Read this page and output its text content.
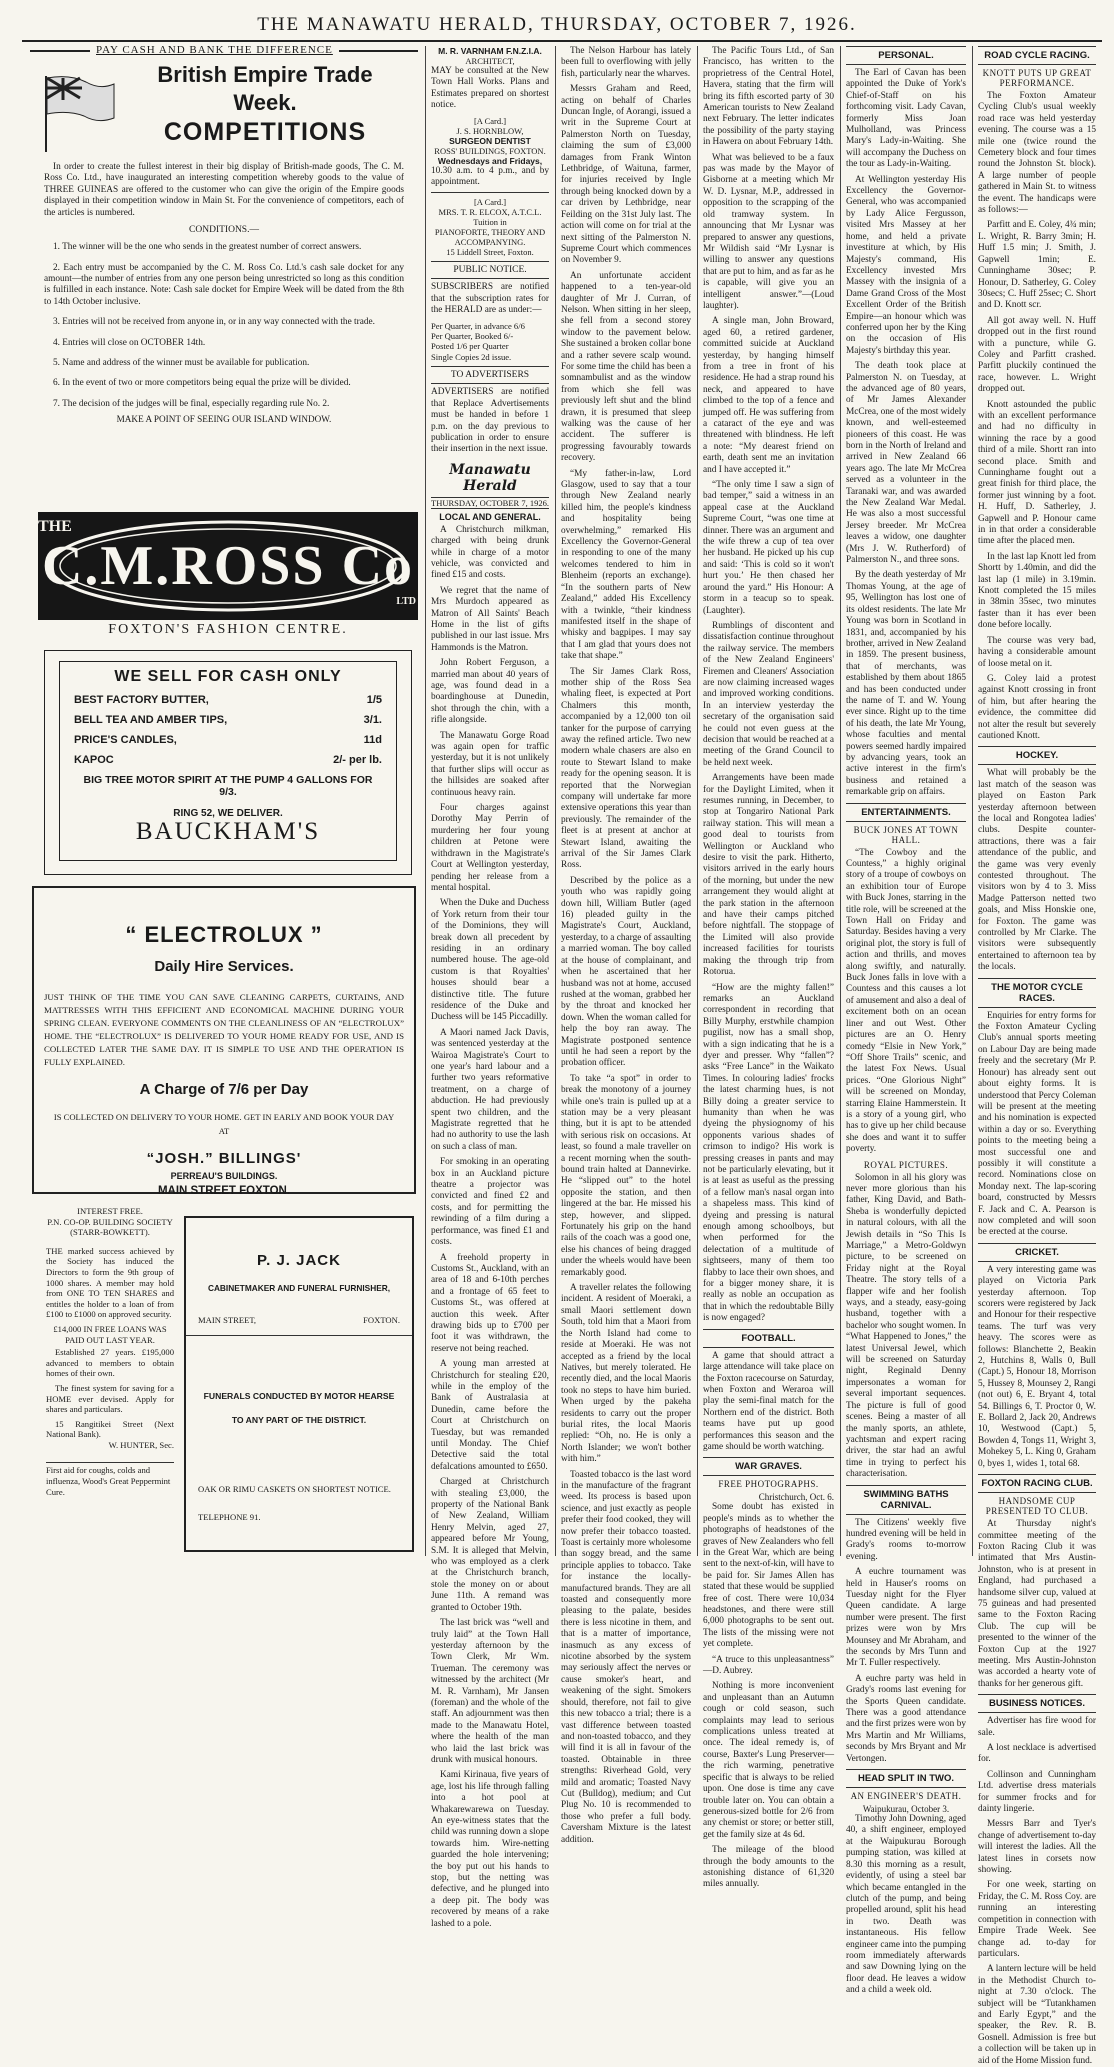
THE MANAWATU HERALD, THURSDAY, OCTOBER 7, 1926.
PAY CASH AND BANK THE DIFFERENCE
British Empire Trade
Week.
COMPETITIONS

In order to create the fullest interest in their big display of British-made goods, The C. M. Ross Co. Ltd., have inaugurated an interesting competition whereby goods to the value of THREE GUINEAS are offered to the customer who can give the origin of the Empire goods displayed in their competition window in Main St. For the convenience of competitors, each of the articles is numbered.

CONDITIONS.—

1. The winner will be the one who sends in the greatest number of correct answers.

2. Each entry must be accompanied by the C. M. Ross Co. Ltd.'s cash sale docket for any amount—the number of entries from any one person being unrestricted so long as this condition is fulfilled in each instance. Note: Cash sale docket for Empire Week will be dated from the 8th to 14th October inclusive.

3. Entries will not be received from anyone in, or in any way connected with the trade.

4. Entries will close on OCTOBER 14th.

5. Name and address of the winner must be available for publication.

6. In the event of two or more competitors being equal the prize will be divided.

7. The decision of the judges will be final, especially regarding rule No. 2.

MAKE A POINT OF SEEING OUR ISLAND WINDOW.

THE
C.M.ROSS Co
LTD
FOXTON'S FASHION CENTRE.
WE SELL FOR CASH ONLY
BEST FACTORY BUTTER,	1/5
BELL TEA AND AMBER TIPS,	3/1.
PRICE'S CANDLES,	11d
KAPOC	2/- per lb.
BIG TREE MOTOR SPIRIT AT THE PUMP 4 GALLONS FOR 9/3.
RING 52, WE DELIVER.
BAUCKHAM'S
“ ELECTROLUX ”
Daily Hire Services.
JUST THINK OF THE TIME YOU CAN SAVE CLEANING CARPETS, CURTAINS, AND MATTRESSES WITH THIS EFFICIENT AND ECONOMICAL MACHINE DURING YOUR SPRING CLEAN. EVERYONE COMMENTS ON THE CLEANLINESS OF AN “ELECTROLUX” HOME. THE “ELECTROLUX” IS DELIVERED TO YOUR HOME READY FOR USE, AND IS COLLECTED LATER THE SAME DAY. IT IS SIMPLE TO USE AND THE OPERATION IS FULLY EXPLAINED.
A Charge of 7/6 per Day
IS COLLECTED ON DELIVERY TO YOUR HOME. GET IN EARLY AND BOOK YOUR DAY AT
“JOSH.” BILLINGS'
PERREAU'S BUILDINGS.
MAIN STREET FOXTON.
INTEREST FREE.
P.N. CO-OP. BUILDING SOCIETY
(STARR-BOWKETT).

THE marked success achieved by the Society has induced the Directors to form the 9th group of 1000 shares. A member may hold from ONE TO TEN SHARES and entitles the holder to a loan of from £100 to £1000 on approved security.

£14,000 IN FREE LOANS WAS PAID OUT LAST YEAR.

Established 27 years. £195,000 advanced to members to obtain homes of their own.

The finest system for saving for a HOME ever devised. Apply for shares and particulars.

15 Rangitikei Street (Next National Bank).

W. HUNTER, Sec.
First aid for coughs, colds and influenza, Wood's Great Peppermint Cure.
P. J. JACK
CABINETMAKER AND FUNERAL FURNISHER,
MAIN STREET,	FOXTON.
FUNERALS CONDUCTED BY MOTOR HEARSE TO ANY PART OF THE DISTRICT.
OAK OR RIMU CASKETS ON SHORTEST NOTICE.
TELEPHONE 91.
M. R. VARNHAM F.N.Z.I.A.
ARCHITECT,

MAY be consulted at the New Town Hall Works. Plans and Estimates prepared on shortest notice.

[A Card.]
J. S. HORNBLOW,
SURGEON DENTIST
ROSS' BUILDINGS, FOXTON.
Wednesdays and Fridays,

10.30 a.m. to 4 p.m., and by appointment.

[A Card.]
MRS. T. R. ELCOX, A.T.C.L.
Tuition in
PIANOFORTE, THEORY AND ACCOMPANYING.
15 Liddell Street, Foxton.
PUBLIC NOTICE.

SUBSCRIBERS are notified that the subscription rates for the HERALD are as under:—

Per Quarter, in advance 6/6
Per Quarter, Booked 6/-
Posted 1/6 per Quarter
Single Copies 2d issue.
TO ADVERTISERS

ADVERTISERS are notified that Replace Advertisements must be handed in before 1 p.m. on the day previous to publication in order to ensure their insertion in the next issue.

Manawatu Herald
THURSDAY, OCTOBER 7, 1926.
LOCAL AND GENERAL.

A Christchurch milkman, charged with being drunk while in charge of a motor vehicle, was convicted and fined £15 and costs.

We regret that the name of Mrs Murdoch appeared as Matron of All Saints' Beach Home in the list of gifts published in our last issue. Mrs Hammonds is the Matron.

John Robert Ferguson, a married man about 40 years of age, was found dead in a boardinghouse at Dunedin, shot through the chin, with a rifle alongside.

The Manawatu Gorge Road was again open for traffic yesterday, but it is not unlikely that further slips will occur as the hillsides are soaked after continuous heavy rain.

Four charges against Dorothy May Perrin of murdering her four young children at Petone were withdrawn in the Magistrate's Court at Wellington yesterday, pending her release from a mental hospital.

When the Duke and Duchess of York return from their tour of the Dominions, they will break down all precedent by residing in an ordinary numbered house. The age-old custom is that Royalties' houses should bear a distinctive title. The future residence of the Duke and Duchess will be 145 Piccadilly.

A Maori named Jack Davis, was sentenced yesterday at the Wairoa Magistrate's Court to one year's hard labour and a further two years reformative treatment, on a charge of abduction. He had previously spent two children, and the Magistrate regretted that he had no authority to use the lash on such a class of man.

For smoking in an operating box in an Auckland picture theatre a projector was convicted and fined £2 and costs, and for permitting the rewinding of a film during a performance, was fined £1 and costs.

A freehold property in Customs St., Auckland, with an area of 18 and 6-10th perches and a frontage of 65 feet to Customs St., was offered at auction this week. After drawing bids up to £700 per foot it was withdrawn, the reserve not being reached.

A young man arrested at Christchurch for stealing £20, while in the employ of the Bank of Australasia at Dunedin, came before the Court at Christchurch on Tuesday, but was remanded until Monday. The Chief Detective said the total defalcations amounted to £650.

Charged at Christchurch with stealing £3,000, the property of the National Bank of New Zealand, William Henry Melvin, aged 27, appeared before Mr Young, S.M. It is alleged that Melvin, who was employed as a clerk at the Christchurch branch, stole the money on or about June 11th. A remand was granted to October 19th.

The last brick was “well and truly laid” at the Town Hall yesterday afternoon by the Town Clerk, Mr Wm. Trueman. The ceremony was witnessed by the architect (Mr M. R. Varnham), Mr Jansen (foreman) and the whole of the staff. An adjournment was then made to the Manawatu Hotel, where the health of the man who laid the last brick was drunk with musical honours.

Kami Kirinaua, five years of age, lost his life through falling into a hot pool at Whakarewarewa on Tuesday. An eye-witness states that the child was running down a slope towards him. Wire-netting guarded the hole intervening; the boy put out his hands to stop, but the netting was defective, and he plunged into a deep pit. The body was recovered by means of a rake lashed to a pole.

The Nelson Harbour has lately been full to overflowing with jelly fish, particularly near the wharves.

Messrs Graham and Reed, acting on behalf of Charles Duncan Ingle, of Aorangi, issued a writ in the Supreme Court at Palmerston North on Tuesday, claiming the sum of £3,000 damages from Frank Winton Lethbridge, of Waituna, farmer, for injuries received by Ingle through being knocked down by a car driven by Lethbridge, near Feilding on the 31st July last. The action will come on for trial at the next sitting of the Palmerston N. Supreme Court which commences on November 9.

An unfortunate accident happened to a ten-year-old daughter of Mr J. Curran, of Nelson. When sitting in her sleep, she fell from a second storey window to the pavement below. She sustained a broken collar bone and a rather severe scalp wound. For some time the child has been a somnambulist and as the window from which she fell was previously left shut and the blind drawn, it is presumed that sleep walking was the cause of her accident. The sufferer is progressing favourably towards recovery.

“My father-in-law, Lord Glasgow, used to say that a tour through New Zealand nearly killed him, the people's kindness and hospitality being overwhelming,” remarked His Excellency the Governor-General in responding to one of the many welcomes tendered to him in Blenheim (reports an exchange). “In the southern parts of New Zealand,” added His Excellency with a twinkle, “their kindness manifested itself in the shape of whisky and bagpipes. I may say that I am glad that yours does not take that shape.”

The Sir James Clark Ross, mother ship of the Ross Sea whaling fleet, is expected at Port Chalmers this month, accompanied by a 12,000 ton oil tanker for the purpose of carrying away the refined article. Two new modern whale chasers are also en route to Stewart Island to make ready for the opening season. It is reported that the Norwegian company will undertake far more extensive operations this year than previously. The remainder of the fleet is at present at anchor at Stewart Island, awaiting the arrival of the Sir James Clark Ross.

Described by the police as a youth who was rapidly going down hill, William Butler (aged 16) pleaded guilty in the Magistrate's Court, Auckland, yesterday, to a charge of assaulting a married woman. The boy called at the house of complainant, and when he ascertained that her husband was not at home, accused rushed at the woman, grabbed her by the throat and knocked her down. When the woman called for help the boy ran away. The Magistrate postponed sentence until he had seen a report by the probation officer.

To take “a spot” in order to break the monotony of a journey while one's train is pulled up at a station may be a very pleasant thing, but it is apt to be attended with serious risk on occasions. At least, so found a male traveller on a recent morning when the south-bound train halted at Dannevirke. He “slipped out” to the hotel opposite the station, and then lingered at the bar. He missed his step, however, and slipped. Fortunately his grip on the hand rails of the coach was a good one, else his chances of being dragged under the wheels would have been remarkably good.

A traveller relates the following incident. A resident of Moeraki, a small Maori settlement down South, told him that a Maori from the North Island had come to reside at Moeraki. He was not accepted as a friend by the local Natives, but merely tolerated. He recently died, and the local Maoris took no steps to have him buried. When urged by the pakeha residents to carry out the proper burial rites, the local Maoris replied: “Oh, no. He is only a North Islander; we won't bother with him.”

Toasted tobacco is the last word in the manufacture of the fragrant weed. Its process is based upon science, and just exactly as people prefer their food cooked, they will now prefer their tobacco toasted. Toast is certainly more wholesome than soggy bread, and the same principle applies to tobacco. Take for instance the locally-manufactured brands. They are all toasted and consequently more pleasing to the palate, besides there is less nicotine in them, and that is a matter of importance, inasmuch as any excess of nicotine absorbed by the system may seriously affect the nerves or cause smoker's heart, and weakening of the sight. Smokers should, therefore, not fail to give this new tobacco a trial; there is a vast difference between toasted and non-toasted tobacco, and they will find it is all in favour of the toasted. Obtainable in three strengths: Riverhead Gold, very mild and aromatic; Toasted Navy Cut (Bulldog), medium; and Cut Plug No. 10 is recommended to those who prefer a full body. Caversham Mixture is the latest addition.

The Pacific Tours Ltd., of San Francisco, has written to the proprietress of the Central Hotel, Havera, stating that the firm will bring its fifth escorted party of 30 American tourists to New Zealand next February. The letter indicates the possibility of the party staying in Hawera on about February 14th.

What was believed to be a faux pas was made by the Mayor of Gisborne at a meeting which Mr W. D. Lysnar, M.P., addressed in opposition to the scrapping of the old tramway system. In announcing that Mr Lysnar was prepared to answer any questions, Mr Wildish said “Mr Lysnar is willing to answer any questions that are put to him, and as far as he is capable, will give you an intelligent answer.”—(Loud laughter).

A single man, John Broward, aged 60, a retired gardener, committed suicide at Auckland yesterday, by hanging himself from a tree in front of his residence. He had a strap round his neck, and appeared to have climbed to the top of a fence and jumped off. He was suffering from a cataract of the eye and was threatened with blindness. He left a note: “My dearest friend on earth, death sent me an invitation and I have accepted it.”

“The only time I saw a sign of bad temper,” said a witness in an appeal case at the Auckland Supreme Court, “was one time at dinner. There was an argument and the wife threw a cup of tea over her husband. He picked up his cup and said: ‘This is cold so it won't hurt you.’ He then chased her around the yard.” His Honour: A storm in a teacup so to speak. (Laughter).

Rumblings of discontent and dissatisfaction continue throughout the railway service. The members of the New Zealand Engineers' Firemen and Cleaners' Association are now claiming increased wages and improved working conditions. In an interview yesterday the secretary of the organisation said he could not even guess at the decision that would be reached at a meeting of the Grand Council to be held next week.

Arrangements have been made for the Daylight Limited, when it resumes running, in December, to stop at Tongariro National Park railway station. This will mean a good deal to tourists from Wellington or Auckland who desire to visit the park. Hitherto, visitors arrived in the early hours of the morning, but under the new arrangement they would alight at the park station in the afternoon and have their camps pitched before nightfall. The stoppage of the Limited will also provide increased facilities for tourists making the through trip from Rotorua.

“How are the mighty fallen!” remarks an Auckland correspondent in recording that Billy Murphy, erstwhile champion pugilist, now has a small shop, with a sign indicating that he is a dyer and presser. Why “fallen”? asks “Free Lance” in the Waikato Times. In colouring ladies' frocks the latest charming hues, is not Billy doing a greater service to humanity than when he was dyeing the physiognomy of his opponents various shades of crimson to indigo? His work is pressing creases in pants and may not be particularly elevating, but it is at least as useful as the pressing of a fellow man's nasal organ into a shapeless mass. This kind of dyeing and pressing is natural enough among schoolboys, but when performed for the delectation of a multitude of sightseers, many of them too flabby to lace their own shoes, and for a bigger money share, it is really as noble an occupation as that in which the redoubtable Billy is now engaged?

FOOTBALL.

A game that should attract a large attendance will take place on the Foxton racecourse on Saturday, when Foxton and Weraroa will play the semi-final match for the Northern end of the district. Both teams have put up good performances this season and the game should be worth watching.

WAR GRAVES.
FREE PHOTOGRAPHS.
Christchurch, Oct. 6.

Some doubt has existed in people's minds as to whether the photographs of headstones of the graves of New Zealanders who fell in the Great War, which are being sent to the next-of-kin, will have to be paid for. Sir James Allen has stated that these would be supplied free of cost. There were 10,034 headstones, and there were still 6,000 photographs to be sent out. The lists of the missing were not yet complete.

“A truce to this unpleasantness” —D. Aubrey.

Nothing is more inconvenient and unpleasant than an Autumn cough or cold season, such complaints may lead to serious complications unless treated at once. The ideal remedy is, of course, Baxter's Lung Preserver—the rich warming, penetrative specific that is always to be relied upon. One dose is time any cave trouble later on. You can obtain a generous-sized bottle for 2/6 from any chemist or store; or better still, get the family size at 4s 6d.

The mileage of the blood through the body amounts to the astonishing distance of 61,320 miles annually.

PERSONAL.

The Earl of Cavan has been appointed the Duke of York's Chief-of-Staff on his forthcoming visit. Lady Cavan, formerly Miss Joan Mulholland, was Princess Mary's Lady-in-Waiting. She will accompany the Duchess on the tour as Lady-in-Waiting.

At Wellington yesterday His Excellency the Governor-General, who was accompanied by Lady Alice Fergusson, visited Mrs Massey at her home, and held a private investiture at which, by His Majesty's command, His Excellency invested Mrs Massey with the insignia of a Dame Grand Cross of the Most Excellent Order of the British Empire—an honour which was conferred upon her by the King on the occasion of His Majesty's birthday this year.

The death took place at Palmerston N. on Tuesday, at the advanced age of 80 years, of Mr James Alexander McCrea, one of the most widely known, and well-esteemed pioneers of this coast. He was born in the North of Ireland and arrived in New Zealand 66 years ago. The late Mr McCrea served as a volunteer in the Taranaki war, and was awarded the New Zealand War Medal. He was also a most successful Jersey breeder. Mr McCrea leaves a widow, one daughter (Mrs J. W. Rutherford) of Palmerston N., and three sons.

By the death yesterday of Mr Thomas Young, at the age of 95, Wellington has lost one of its oldest residents. The late Mr Young was born in Scotland in 1831, and, accompanied by his brother, arrived in New Zealand in 1859. The present business, that of merchants, was established by them about 1865 and has been conducted under the name of T. and W. Young ever since. Right up to the time of his death, the late Mr Young, whose faculties and mental powers seemed hardly impaired by advancing years, took an active interest in the firm's business and retained a remarkable grip on affairs.

ENTERTAINMENTS.
BUCK JONES AT TOWN HALL.

“The Cowboy and the Countess,” a highly original story of a troupe of cowboys on an exhibition tour of Europe with Buck Jones, starring in the title role, will be screened at the Town Hall on Friday and Saturday. Besides having a very original plot, the story is full of action and thrills, and moves along swiftly, and naturally. Buck Jones falls in love with a Countess and this causes a lot of amusement and also a deal of excitement both on an ocean liner and out West. Other pictures are an O. Henry comedy “Elsie in New York,” “Off Shore Trails” scenic, and the latest Fox News. Usual prices. “One Glorious Night” will be screened on Monday, starring Elaine Hammerstein. It is a story of a young girl, who has to give up her child because she does and want it to suffer poverty.

ROYAL PICTURES.

Solomon in all his glory was never more glorious than his father, King David, and Bath-Sheba is wonderfully depicted in natural colours, with all the Jewish details in “So This Is Marriage,” a Metro-Goldwyn picture, to be screened on Friday night at the Royal Theatre. The story tells of a flapper wife and her foolish ways, and a steady, easy-going husband, together with a bachelor who sought women. In “What Happened to Jones,” the latest Universal Jewel, which will be screened on Saturday night, Reginald Denny impersonates a woman for several important sequences. The picture is full of good scenes. Being a master of all the manly sports, an athlete, yachtsman and expert racing driver, the star had an awful time in trying to perfect his characterisation.

SWIMMING BATHS CARNIVAL.

The Citizens' weekly five hundred evening will be held in Grady's rooms to-morrow evening.

A euchre tournament was held in Hauser's rooms on Tuesday night for the Flyer Queen candidate. A large number were present. The first prizes were won by Mrs Mounsey and Mr Abraham, and the seconds by Mrs Tunn and Mr T. Fuller respectively.

A euchre party was held in Grady's rooms last evening for the Sports Queen candidate. There was a good attendance and the first prizes were won by Mrs Martin and Mr Williams, seconds by Mrs Bryant and Mr Vertongen.

HEAD SPLIT IN TWO.
AN ENGINEER'S DEATH.
Waipukurau, October 3.

Timothy John Downing, aged 40, a shift engineer, employed at the Waipukurau Borough pumping station, was killed at 8.30 this morning as a result, evidently, of using a steel bar which became entangled in the clutch of the pump, and being propelled around, split his head in two. Death was instantaneous. His fellow engineer came into the pumping room immediately afterwards and saw Downing lying on the floor dead. He leaves a widow and a child a week old.

ROAD CYCLE RACING.
KNOTT PUTS UP GREAT PERFORMANCE.

The Foxton Amateur Cycling Club's usual weekly road race was held yesterday evening. The course was a 15 mile one (twice round the Cemetery block and four times round the Johnston St. block). A large number of people gathered in Main St. to witness the event. The handicaps were as follows:—

Parfitt and E. Coley, 4¾ min; L. Wright, R. Barry 3min; H. Huff 1.5 min; J. Smith, J. Gapwell 1min; E. Cunninghame 30sec; P. Honour, D. Satherley, G. Coley 30secs; C. Huff 25sec; C. Short and D. Knott scr.

All got away well. N. Huff dropped out in the first round with a puncture, while G. Coley and Parfitt crashed. Parfitt pluckily continued the race, however. L. Wright dropped out.

Knott astounded the public with an excellent performance and had no difficulty in winning the race by a good third of a mile. Shortt ran into second place. Smith and Cunninghame fought out a great finish for third place, the former just winning by a foot. H. Huff, D. Satherley, J. Gapwell and P. Honour came in in that order a considerable time after the placed men.

In the last lap Knott led from Shortt by 1.40min, and did the last lap (1 mile) in 3.19min. Knott completed the 15 miles in 38min 35sec, two minutes faster than it has ever been done before locally.

The course was very bad, having a considerable amount of loose metal on it.

G. Coley laid a protest against Knott crossing in front of him, but after hearing the evidence, the committee did not alter the result but severely cautioned Knott.

HOCKEY.

What will probably be the last match of the season was played on Easton Park yesterday afternoon between the local and Rongotea ladies' clubs. Despite counter-attractions, there was a fair attendance of the public, and the game was very evenly contested throughout. The visitors won by 4 to 3. Miss Madge Patterson netted two goals, and Miss Honskie one, for Foxton. The game was controlled by Mr Clarke. The visitors were subsequently entertained to afternoon tea by the locals.

THE MOTOR CYCLE RACES.

Enquiries for entry forms for the Foxton Amateur Cycling Club's annual sports meeting on Labour Day are being made freely and the secretary (Mr P. Honour) has already sent out about eighty forms. It is understood that Percy Coleman will be present at the meeting and his nomination is expected within a day or so. Everything points to the meeting being a most successful one and possibly it will constitute a record. Nominations close on Monday next. The lap-scoring board, constructed by Messrs F. Jack and C. A. Pearson is now completed and will soon be erected at the course.

CRICKET.

A very interesting game was played on Victoria Park yesterday afternoon. Top scorers were registered by Jack and Honour for their respective teams. The turf was very heavy. The scores were as follows: Blanchette 2, Beakin 2, Hutchins 8, Walls 0, Bull (Capt.) 5, Honour 18, Morrison 5, Hussey 8, Mounsey 2, Rangi (not out) 6, E. Bryant 4, total 54. Billings 6, T. Proctor 0, W. E. Bollard 2, Jack 20, Andrews 10, Westwood (Capt.) 5, Bowden 4, Tongs 11, Wright 3, Mohekey 5, L. King 0, Graham 0, byes 1, wides 1, total 68.

FOXTON RACING CLUB.
HANDSOME CUP PRESENTED TO CLUB.

At Thursday night's committee meeting of the Foxton Racing Club it was intimated that Mrs Austin-Johnston, who is at present in England, had purchased a handsome silver cup, valued at 75 guineas and had presented same to the Foxton Racing Club. The cup will be presented to the winner of the Foxton Cup at the 1927 meeting. Mrs Austin-Johnston was accorded a hearty vote of thanks for her generous gift.

BUSINESS NOTICES.

Advertiser has fire wood for sale.

A lost necklace is advertised for.

Collinson and Cunningham Ltd. advertise dress materials for summer frocks and for dainty lingerie.

Messrs Barr and Tyer's change of advertisement to-day will interest the ladies. All the latest lines in corsets now showing.

For one week, starting on Friday, the C. M. Ross Coy. are running an interesting competition in connection with Empire Trade Week. See change ad. to-day for particulars.

A lantern lecture will be held in the Methodist Church to-night at 7.30 o'clock. The subject will be “Tutankhamen and Early Egypt,” and the speaker, the Rev. R. B. Gosnell. Admission is free but a collection will be taken up in aid of the Home Mission fund.
